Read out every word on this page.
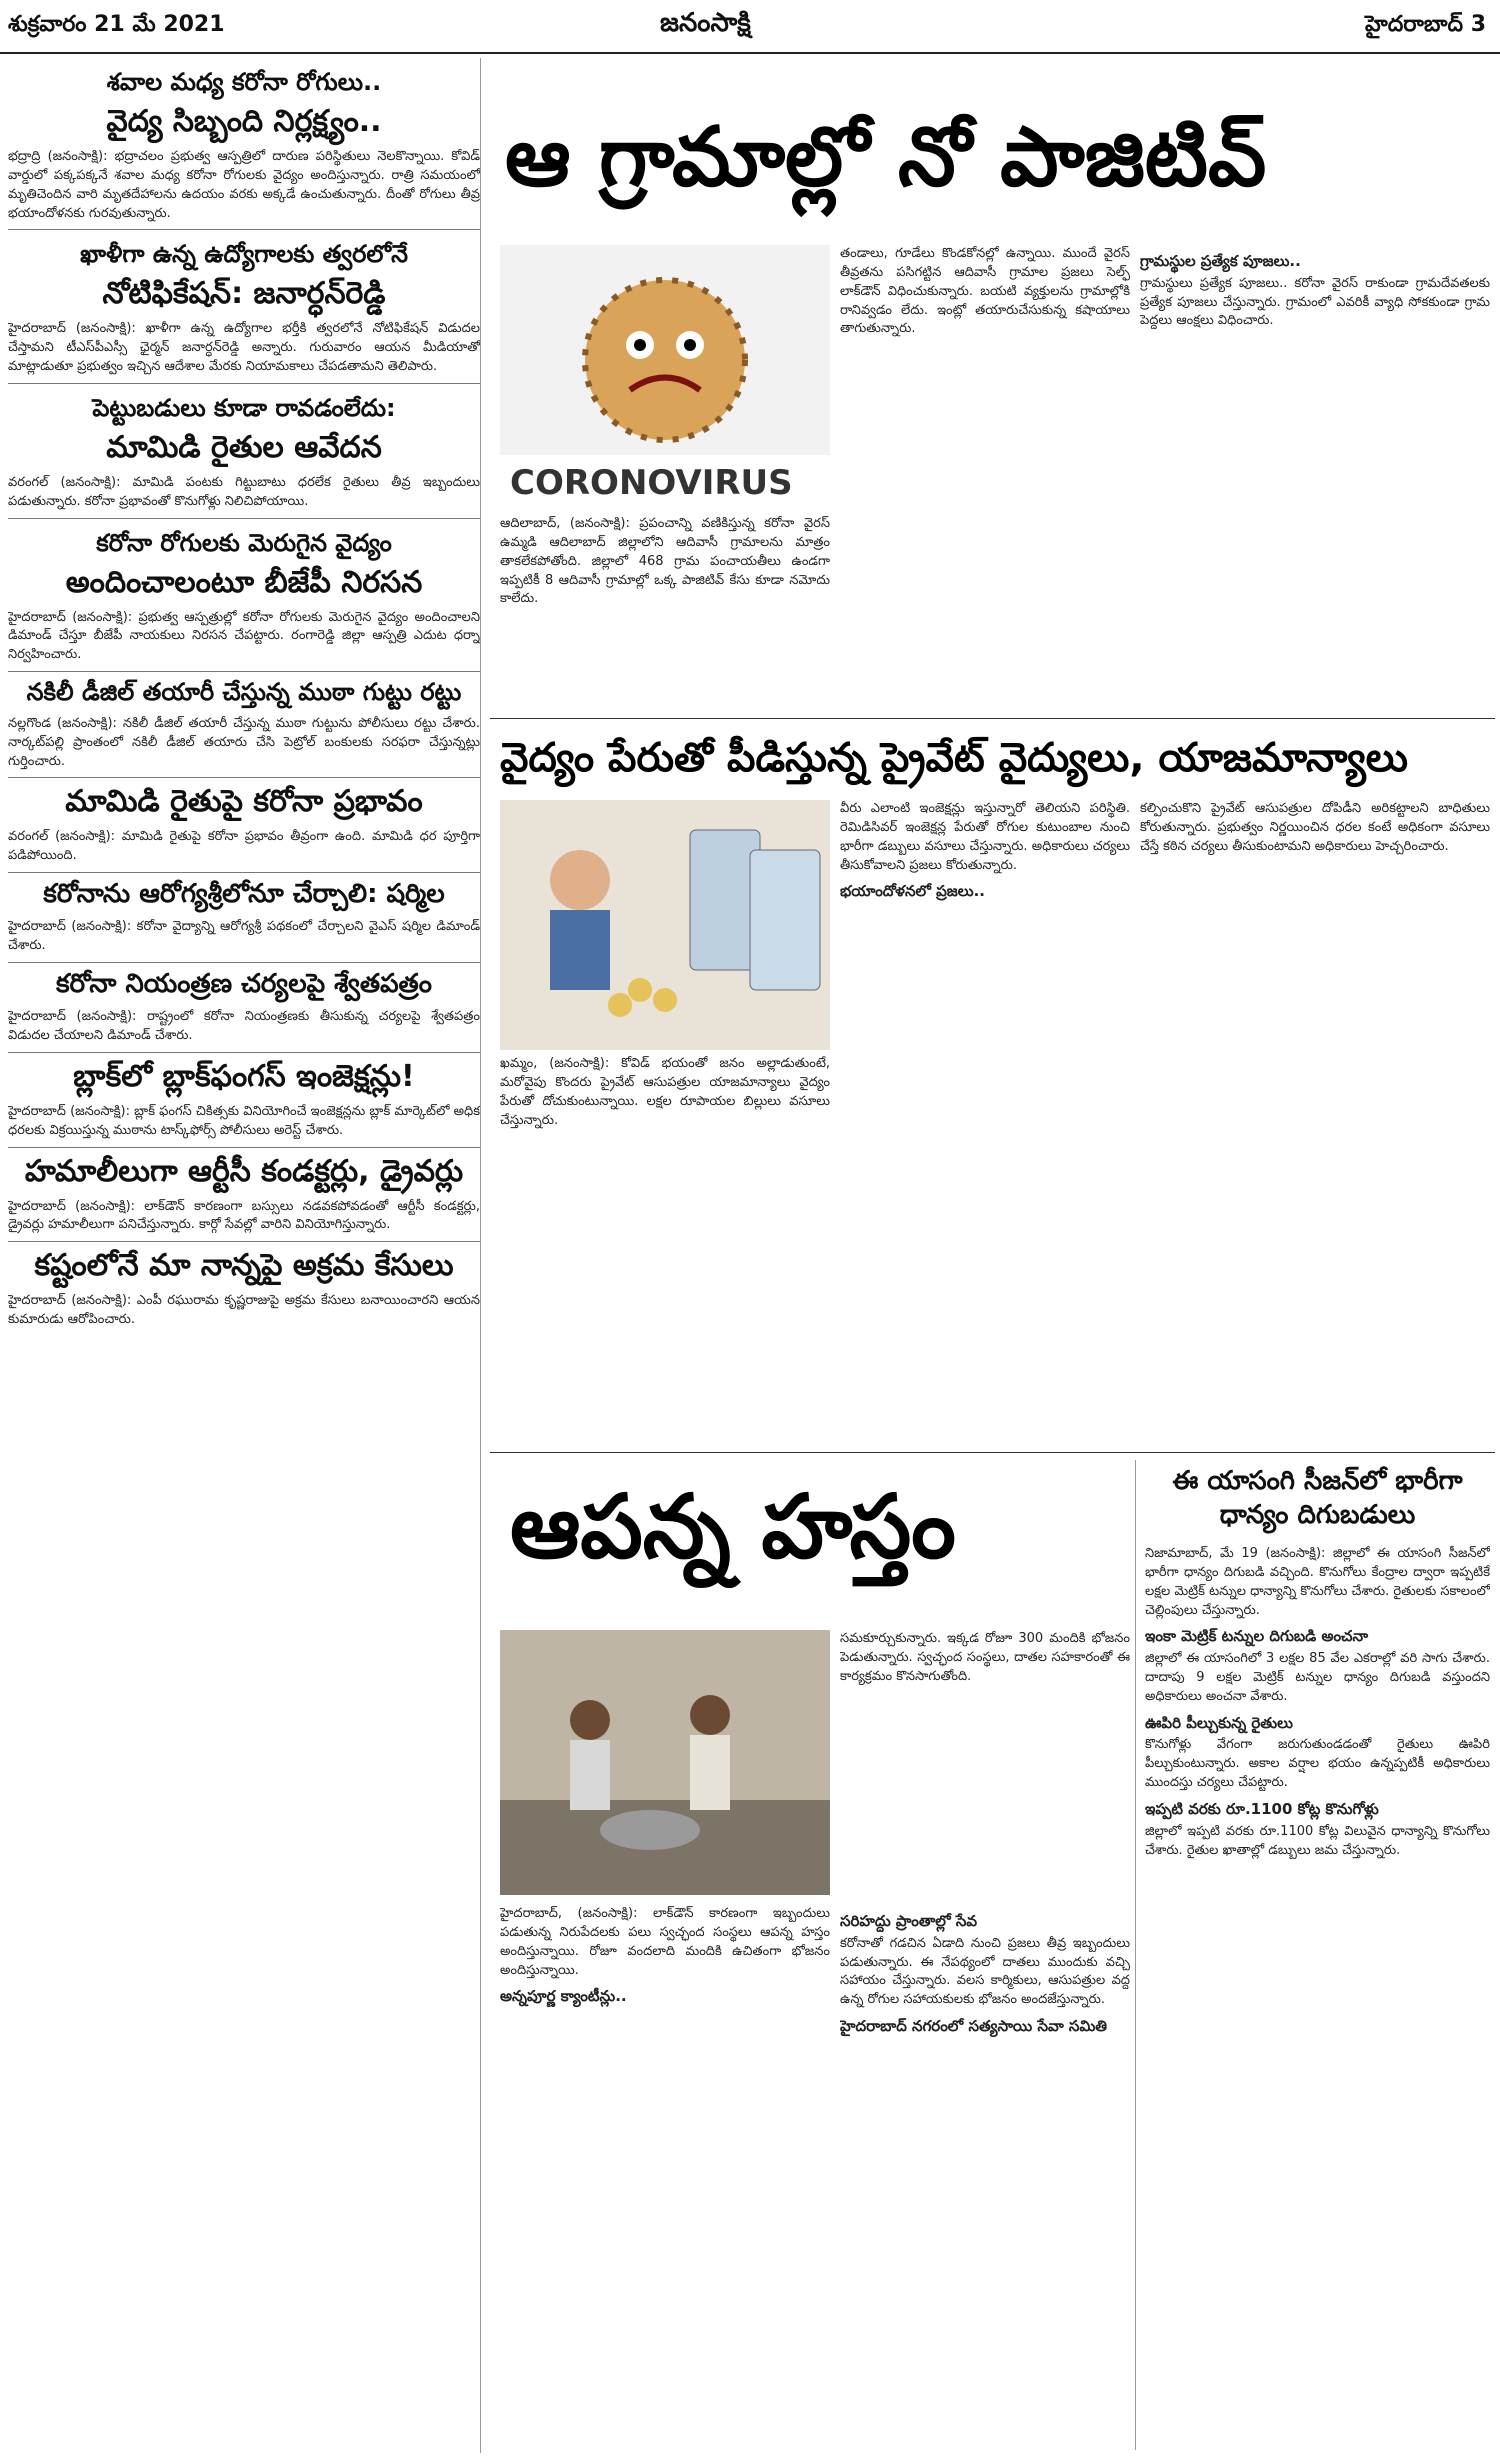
శుక్రవారం 21 మే 2021	జనంసాక్షి	హైదరాబాద్ 3
శవాల మధ్య కరోనా రోగులు..
వైద్య సిబ్బంది నిర్లక్ష్యం..
భద్రాద్రి (జనంసాక్షి): భద్రాచలం ప్రభుత్వ ఆస్పత్రిలో దారుణ పరిస్థితులు నెలకొన్నాయి. కోవిడ్ వార్డులో పక్కపక్కనే శవాల మధ్య కరోనా రోగులకు వైద్యం అందిస్తున్నారు. రాత్రి సమయంలో మృతిచెందిన వారి మృతదేహాలను ఉదయం వరకు అక్కడే ఉంచుతున్నారు. దీంతో రోగులు తీవ్ర భయాందోళనకు గురవుతున్నారు.
ఖాళీగా ఉన్న ఉద్యోగాలకు త్వరలోనే
నోటిఫికేషన్: జనార్ధన్‌రెడ్డి
హైదరాబాద్ (జనంసాక్షి): ఖాళీగా ఉన్న ఉద్యోగాల భర్తీకి త్వరలోనే నోటిఫికేషన్ విడుదల చేస్తామని టీఎస్‌పీఎస్సీ ఛైర్మన్ జనార్ధన్‌రెడ్డి అన్నారు. గురువారం ఆయన మీడియాతో మాట్లాడుతూ ప్రభుత్వం ఇచ్చిన ఆదేశాల మేరకు నియామకాలు చేపడతామని తెలిపారు.
పెట్టుబడులు కూడా రావడంలేదు:
మామిడి రైతుల ఆవేదన
వరంగల్ (జనంసాక్షి): మామిడి పంటకు గిట్టుబాటు ధరలేక రైతులు తీవ్ర ఇబ్బందులు పడుతున్నారు. కరోనా ప్రభావంతో కొనుగోళ్లు నిలిచిపోయాయి.
కరోనా రోగులకు మెరుగైన వైద్యం
అందించాలంటూ బీజేపీ నిరసన
హైదరాబాద్ (జనంసాక్షి): ప్రభుత్వ ఆస్పత్రుల్లో కరోనా రోగులకు మెరుగైన వైద్యం అందించాలని డిమాండ్ చేస్తూ బీజేపీ నాయకులు నిరసన చేపట్టారు. రంగారెడ్డి జిల్లా ఆస్పత్రి ఎదుట ధర్నా నిర్వహించారు.
నకిలీ డీజిల్ తయారీ చేస్తున్న ముఠా గుట్టు రట్టు
నల్లగొండ (జనంసాక్షి): నకిలీ డీజిల్ తయారీ చేస్తున్న ముఠా గుట్టును పోలీసులు రట్టు చేశారు. నార్కట్‌పల్లి ప్రాంతంలో నకిలీ డీజిల్ తయారు చేసి పెట్రోల్ బంకులకు సరఫరా చేస్తున్నట్లు గుర్తించారు.
మామిడి రైతుపై కరోనా ప్రభావం
వరంగల్ (జనంసాక్షి): మామిడి రైతుపై కరోనా ప్రభావం తీవ్రంగా ఉంది. మామిడి ధర పూర్తిగా పడిపోయింది.
కరోనాను ఆరోగ్యశ్రీలోనూ చేర్చాలి: షర్మిల
హైదరాబాద్ (జనంసాక్షి): కరోనా వైద్యాన్ని ఆరోగ్యశ్రీ పథకంలో చేర్చాలని వైఎస్ షర్మిల డిమాండ్ చేశారు.
కరోనా నియంత్రణ చర్యలపై శ్వేతపత్రం
హైదరాబాద్ (జనంసాక్షి): రాష్ట్రంలో కరోనా నియంత్రణకు తీసుకున్న చర్యలపై శ్వేతపత్రం విడుదల చేయాలని డిమాండ్ చేశారు.
బ్లాక్‌లో బ్లాక్‌ఫంగస్ ఇంజెక్షన్లు!
హైదరాబాద్ (జనంసాక్షి): బ్లాక్ ఫంగస్ చికిత్సకు వినియోగించే ఇంజెక్షన్లను బ్లాక్ మార్కెట్‌లో అధిక ధరలకు విక్రయిస్తున్న ముఠాను టాస్క్‌ఫోర్స్ పోలీసులు అరెస్ట్ చేశారు.
హమాలీలుగా ఆర్టీసీ కండక్టర్లు, డ్రైవర్లు
హైదరాబాద్ (జనంసాక్షి): లాక్‌డౌన్ కారణంగా బస్సులు నడవకపోవడంతో ఆర్టీసీ కండక్టర్లు, డ్రైవర్లు హమాలీలుగా పనిచేస్తున్నారు. కార్గో సేవల్లో వారిని వినియోగిస్తున్నారు.
కష్టంలోనే మా నాన్నపై అక్రమ కేసులు
హైదరాబాద్ (జనంసాక్షి): ఎంపీ రఘురామ కృష్ణరాజుపై అక్రమ కేసులు బనాయించారని ఆయన కుమారుడు ఆరోపించారు.
ఆ గ్రామాల్లో నో పాజిటివ్
CORONOVIRUS
ఆదిలాబాద్, (జనంసాక్షి): ప్రపంచాన్ని వణికిస్తున్న కరోనా వైరస్ ఉమ్మడి ఆదిలాబాద్ జిల్లాలోని ఆదివాసీ గ్రామాలను మాత్రం తాకలేకపోతోంది. జిల్లాలో 468 గ్రామ పంచాయతీలు ఉండగా ఇప్పటికీ 8 ఆదివాసీ గ్రామాల్లో ఒక్క పాజిటివ్ కేసు కూడా నమోదు కాలేదు.
తండాలు, గూడేలు కొండకోనల్లో ఉన్నాయి. ముందే వైరస్ తీవ్రతను పసిగట్టిన ఆదివాసీ గ్రామాల ప్రజలు సెల్ఫ్ లాక్‌డౌన్ విధించుకున్నారు. బయటి వ్యక్తులను గ్రామాల్లోకి రానివ్వడం లేదు. ఇంట్లో తయారుచేసుకున్న కషాయాలు తాగుతున్నారు.
గ్రామస్థుల ప్రత్యేక పూజలు..
గ్రామస్థులు ప్రత్యేక పూజలు.. కరోనా వైరస్ రాకుండా గ్రామదేవతలకు ప్రత్యేక పూజలు చేస్తున్నారు. గ్రామంలో ఎవరికీ వ్యాధి సోకకుండా గ్రామ పెద్దలు ఆంక్షలు విధించారు.
వైద్యం పేరుతో పీడిస్తున్న ప్రైవేట్ వైద్యులు, యాజమాన్యాలు
ఖమ్మం, (జనంసాక్షి): కోవిడ్ భయంతో జనం అల్లాడుతుంటే, మరోవైపు కొందరు ప్రైవేట్ ఆసుపత్రుల యాజమాన్యాలు వైద్యం పేరుతో దోచుకుంటున్నాయి. లక్షల రూపాయల బిల్లులు వసూలు చేస్తున్నారు.
వీరు ఎలాంటి ఇంజెక్షన్లు ఇస్తున్నారో తెలియని పరిస్థితి. రెమిడిసివర్ ఇంజెక్షన్ల పేరుతో రోగుల కుటుంబాల నుంచి భారీగా డబ్బులు వసూలు చేస్తున్నారు. అధికారులు చర్యలు తీసుకోవాలని ప్రజలు కోరుతున్నారు.
భయాందోళనలో ప్రజలు..
కల్పించుకొని ప్రైవేట్ ఆసుపత్రుల దోపిడీని అరికట్టాలని బాధితులు కోరుతున్నారు. ప్రభుత్వం నిర్ణయించిన ధరల కంటే అధికంగా వసూలు చేస్తే కఠిన చర్యలు తీసుకుంటామని అధికారులు హెచ్చరించారు.
ఆపన్న హస్తం
సమకూర్చుకున్నారు. ఇక్కడ రోజూ 300 మందికి భోజనం పెడుతున్నారు. స్వచ్ఛంద సంస్థలు, దాతల సహకారంతో ఈ కార్యక్రమం కొనసాగుతోంది.
హైదరాబాద్, (జనంసాక్షి): లాక్‌డౌన్ కారణంగా ఇబ్బందులు పడుతున్న నిరుపేదలకు పలు స్వచ్ఛంద సంస్థలు ఆపన్న హస్తం అందిస్తున్నాయి. రోజూ వందలాది మందికి ఉచితంగా భోజనం అందిస్తున్నాయి.
అన్నపూర్ణ క్యాంటీన్లు..
సరిహద్దు ప్రాంతాల్లో సేవ
కరోనాతో గడచిన ఏడాది నుంచి ప్రజలు తీవ్ర ఇబ్బందులు పడుతున్నారు. ఈ నేపథ్యంలో దాతలు ముందుకు వచ్చి సహాయం చేస్తున్నారు. వలస కార్మికులు, ఆసుపత్రుల వద్ద ఉన్న రోగుల సహాయకులకు భోజనం అందజేస్తున్నారు.
హైదరాబాద్ నగరంలో సత్యసాయి సేవా సమితి
ఈ యాసంగి సీజన్‌లో భారీగా ధాన్యం దిగుబడులు
నిజామాబాద్, మే 19 (జనంసాక్షి): జిల్లాలో ఈ యాసంగి సీజన్‌లో భారీగా ధాన్యం దిగుబడి వచ్చింది. కొనుగోలు కేంద్రాల ద్వారా ఇప్పటికే లక్షల మెట్రిక్ టన్నుల ధాన్యాన్ని కొనుగోలు చేశారు. రైతులకు సకాలంలో చెల్లింపులు చేస్తున్నారు.
ఇంకా మెట్రిక్ టన్నుల దిగుబడి అంచనా
జిల్లాలో ఈ యాసంగిలో 3 లక్షల 85 వేల ఎకరాల్లో వరి సాగు చేశారు. దాదాపు 9 లక్షల మెట్రిక్ టన్నుల ధాన్యం దిగుబడి వస్తుందని అధికారులు అంచనా వేశారు.
ఊపిరి పీల్చుకున్న రైతులు
కొనుగోళ్లు వేగంగా జరుగుతుండడంతో రైతులు ఊపిరి పీల్చుకుంటున్నారు. అకాల వర్షాల భయం ఉన్నప్పటికీ అధికారులు ముందస్తు చర్యలు చేపట్టారు.
ఇప్పటి వరకు రూ.1100 కోట్ల కొనుగోళ్లు
జిల్లాలో ఇప్పటి వరకు రూ.1100 కోట్ల విలువైన ధాన్యాన్ని కొనుగోలు చేశారు. రైతుల ఖాతాల్లో డబ్బులు జమ చేస్తున్నారు.
